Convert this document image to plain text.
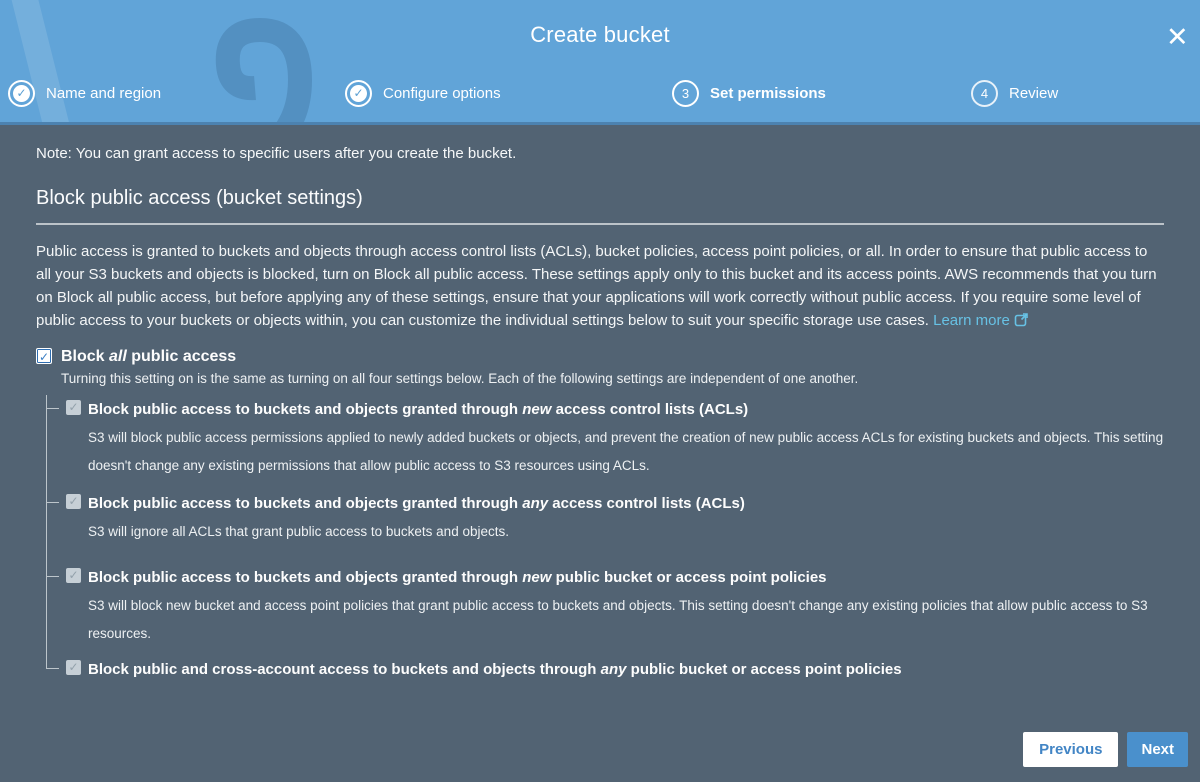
Create bucket	✕
✓ Name and region	✓ Configure options	3	Set permissions	4	Review
Note: You can grant access to specific users after you create the bucket.
Block public access (bucket settings)
Public access is granted to buckets and objects through access control lists (ACLs), bucket policies, access point policies, or all. In order to ensure that public access to all your S3 buckets and objects is blocked, turn on Block all public access. These settings apply only to this bucket and its access points. AWS recommends that you turn on Block all public access, but before applying any of these settings, ensure that your applications will work correctly without public access. If you require some level of public access to your buckets or objects within, you can customize the individual settings below to suit your specific storage use cases. Learn more
✓ Block all public access
Turning this setting on is the same as turning on all four settings below. Each of the following settings are independent of one another.
✓ Block public access to buckets and objects granted through new access control lists (ACLs)
S3 will block public access permissions applied to newly added buckets or objects, and prevent the creation of new public access ACLs for existing buckets and objects. This setting doesn't change any existing permissions that allow public access to S3 resources using ACLs.
✓ Block public access to buckets and objects granted through any access control lists (ACLs)
S3 will ignore all ACLs that grant public access to buckets and objects.
✓ Block public access to buckets and objects granted through new public bucket or access point policies
S3 will block new bucket and access point policies that grant public access to buckets and objects. This setting doesn't change any existing policies that allow public access to S3 resources.
✓ Block public and cross-account access to buckets and objects through any public bucket or access point policies
Previous	Next
